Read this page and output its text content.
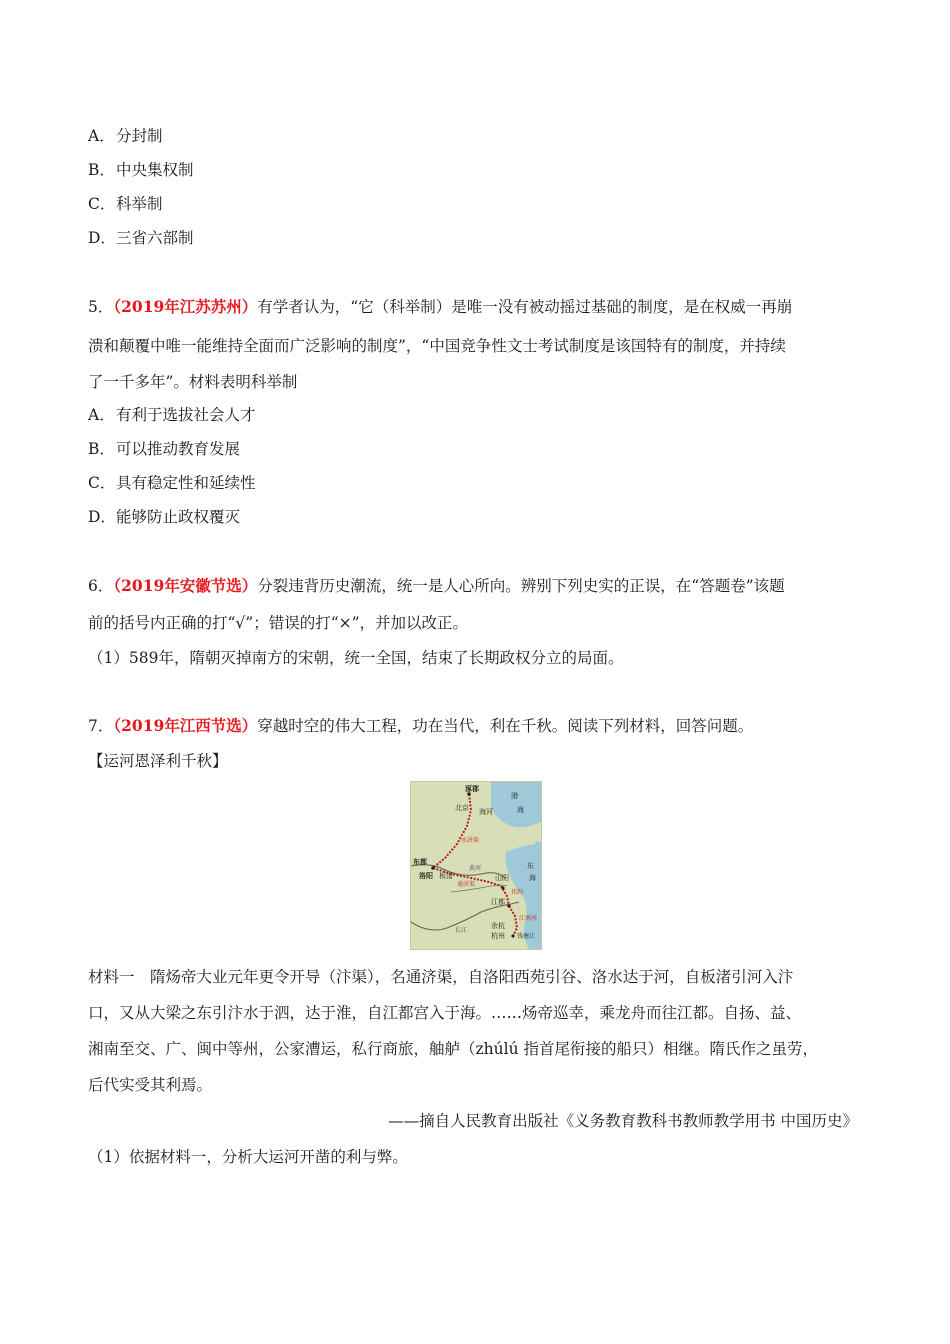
A．分封制
B．中央集权制
C．科举制
D．三省六部制
5．（2019年江苏苏州）有学者认为，“它（科举制）是唯一没有被动摇过基础的制度，是在权威一再崩
溃和颠覆中唯一能维持全面而广泛影响的制度”，“中国竞争性文士考试制度是该国特有的制度，并持续
了一千多年”。材料表明科举制
A．有利于选拔社会人才
B．可以推动教育发展
C．具有稳定性和延续性
D．能够防止政权覆灭
6．（2019年安徽节选）分裂违背历史潮流，统一是人心所向。辨别下列史实的正误，在“答题卷”该题
前的括号内正确的打“√”；错误的打“×”，并加以改正。
（1）589年，隋朝灭掉南方的宋朝，统一全国，结束了长期政权分立的局面。
7．（2019年江西节选）穿越时空的伟大工程，功在当代，利在千秋。阅读下列材料，回答问题。
【运河恩泽利千秋】
涿郡
北京 海河
渤
海
东
海
东都
洛阳 板渚	山阳
江都
余杭
杭州 钱塘江
永济渠
通济渠
邗沟
江南河
长江
黄河
材料一　隋炀帝大业元年更令开导（汴渠），名通济渠，自洛阳西苑引谷、洛水达于河，自板渚引河入汴
口，又从大梁之东引汴水于泗，达于淮，自江都宫入于海。……炀帝巡幸，乘龙舟而往江都。自扬、益、
湘南至交、广、闽中等州，公家漕运，私行商旅，舳舻（zhúlú 指首尾衔接的船只）相继。隋氏作之虽劳，
后代实受其利焉。
——摘自人民教育出版社《义务教育教科书教师教学用书 中国历史》
（1）依据材料一，分析大运河开凿的利与弊。
